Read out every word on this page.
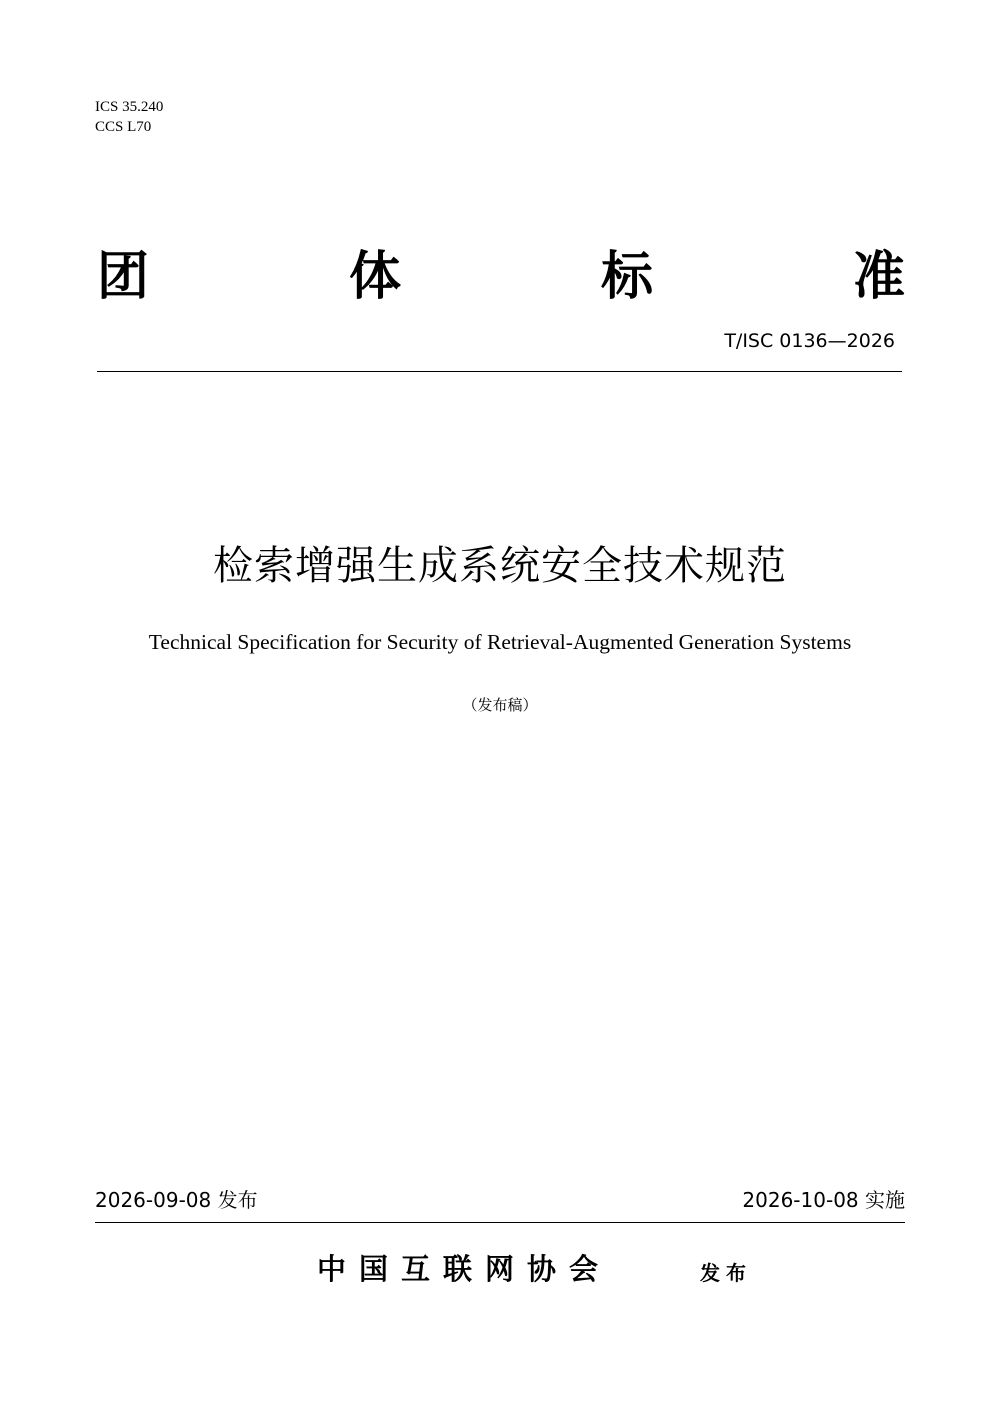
ICS 35.240
CCS L70
团	体	标	准
T/ISC 0136—2026
检索增强生成系统安全技术规范
Technical Specification for Security of Retrieval-Augmented Generation Systems
（发布稿）
2026-09-08 发布	2026-10-08 实施
中国互联网协会	发布
